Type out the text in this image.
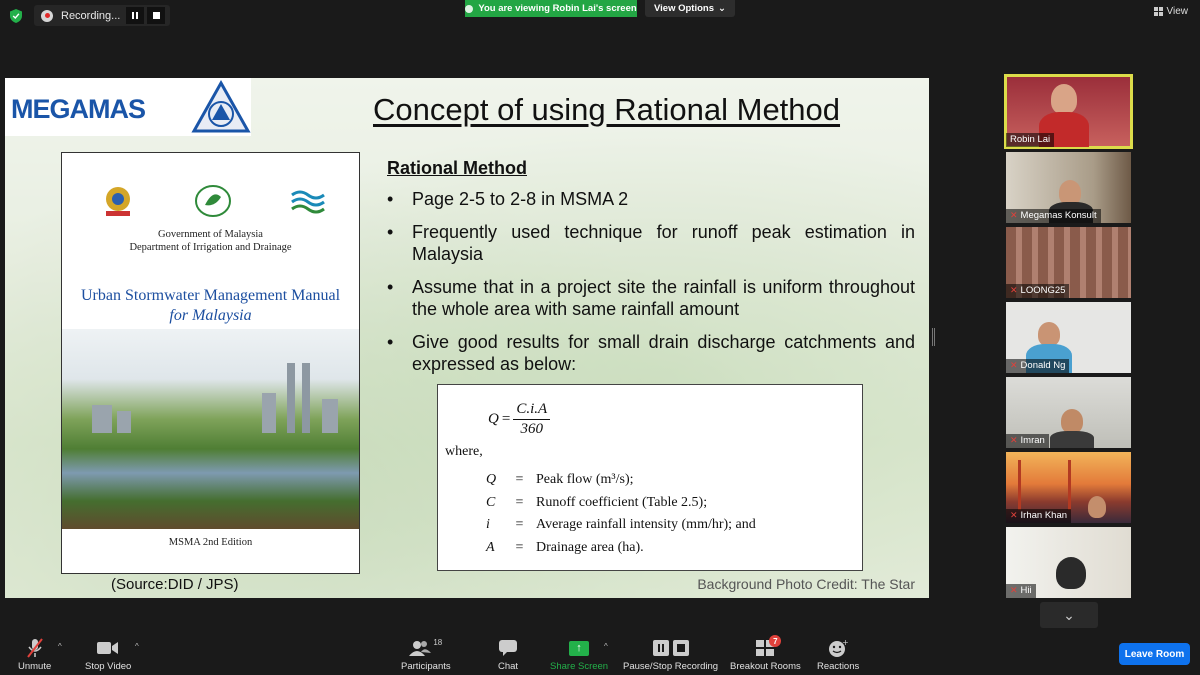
Recording...
You are viewing Robin Lai's screen View Options ⌄	View
MEGAMAS	Concept of using Rational Method
Government of Malaysia
Department of Irrigation and Drainage
Urban Stormwater Management Manual
for Malaysia
MSMA 2nd Edition
Rational Method
• Page 2-5 to 2-8 in MSMA 2
• Frequently used technique for runoff peak estimation in Malaysia
• Assume that in a project site the rainfall is uniform throughout the whole area with same rainfall amount
• Give good results for small drain discharge catchments and expressed as below:
$Q = \frac{C.i.A}{360}$
where,
Q	= Peak flow (m³/s);
C	= Runoff coefficient (Table 2.5);
i	= Average rainfall intensity (mm/hr); and
A	= Drainage area (ha).
(Source:DID / JPS)	Background Photo Credit: The Star
Robin Lai
✕ Megamas Konsult
✕ LOONG25
✕ Donald Ng
✕ Imran
✕ Irhan Khan
✕ Hii
⌄
Unmute
^
Stop Video
^	18
Participants	Chat
↑
Share Screen
^
Pause/Stop Recording
7
Breakout Rooms
+
Reactions
Leave Room
